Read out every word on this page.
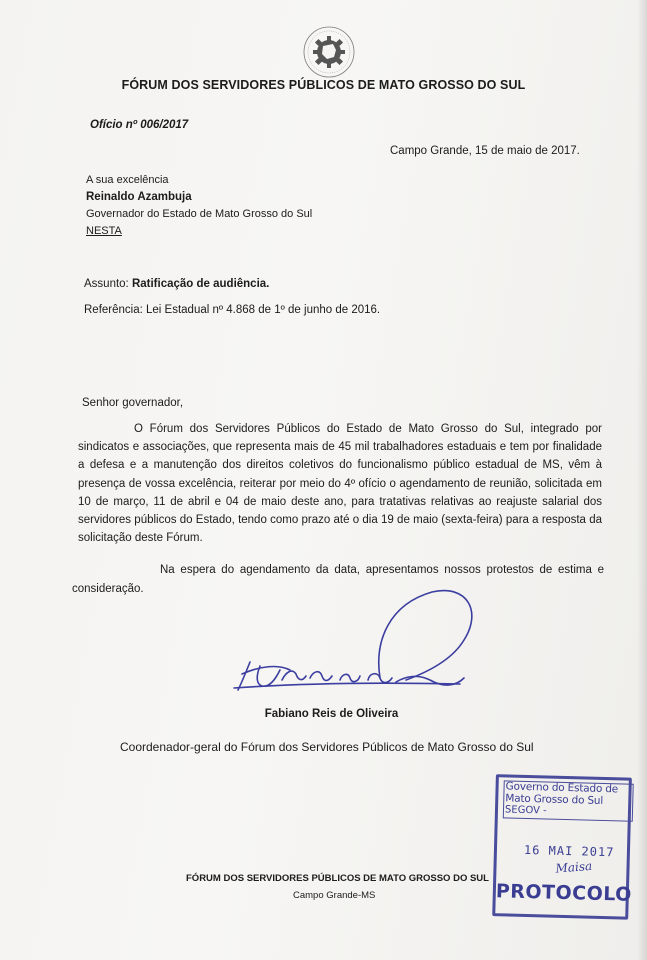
FÓRUM DOS SERVIDORES PÚBLICOS DE MATO GROSSO DO SUL
Ofício nº 006/2017
Campo Grande, 15 de maio de 2017.
A sua excelência
Reinaldo Azambuja
Governador do Estado de Mato Grosso do Sul
NESTA
Assunto: Ratificação de audiência.
Referência: Lei Estadual nº 4.868 de 1º de junho de 2016.
Senhor governador,

O Fórum dos Servidores Públicos do Estado de Mato Grosso do Sul, integrado por sindicatos e associações, que representa mais de 45 mil trabalhadores estaduais e tem por finalidade a defesa e a manutenção dos direitos coletivos do funcionalismo público estadual de MS, vêm à presença de vossa excelência, reiterar por meio do 4º ofício o agendamento de reunião, solicitada em 10 de março, 11 de abril e 04 de maio deste ano, para tratativas relativas ao reajuste salarial dos servidores públicos do Estado, tendo como prazo até o dia 19 de maio (sexta-feira) para a resposta da solicitação deste Fórum.

Na espera do agendamento da data, apresentamos nossos protestos de estima e consideração.

Fabiano Reis de Oliveira
Coordenador-geral do Fórum dos Servidores Públicos de Mato Grosso do Sul
FÓRUM DOS SERVIDORES PÚBLICOS DE MATO GROSSO DO SUL
Campo Grande-MS
Governo do Estado de
Mato Grosso do Sul
SEGOV -
16 MAI 2017
Maisa
PROTOCOLO
